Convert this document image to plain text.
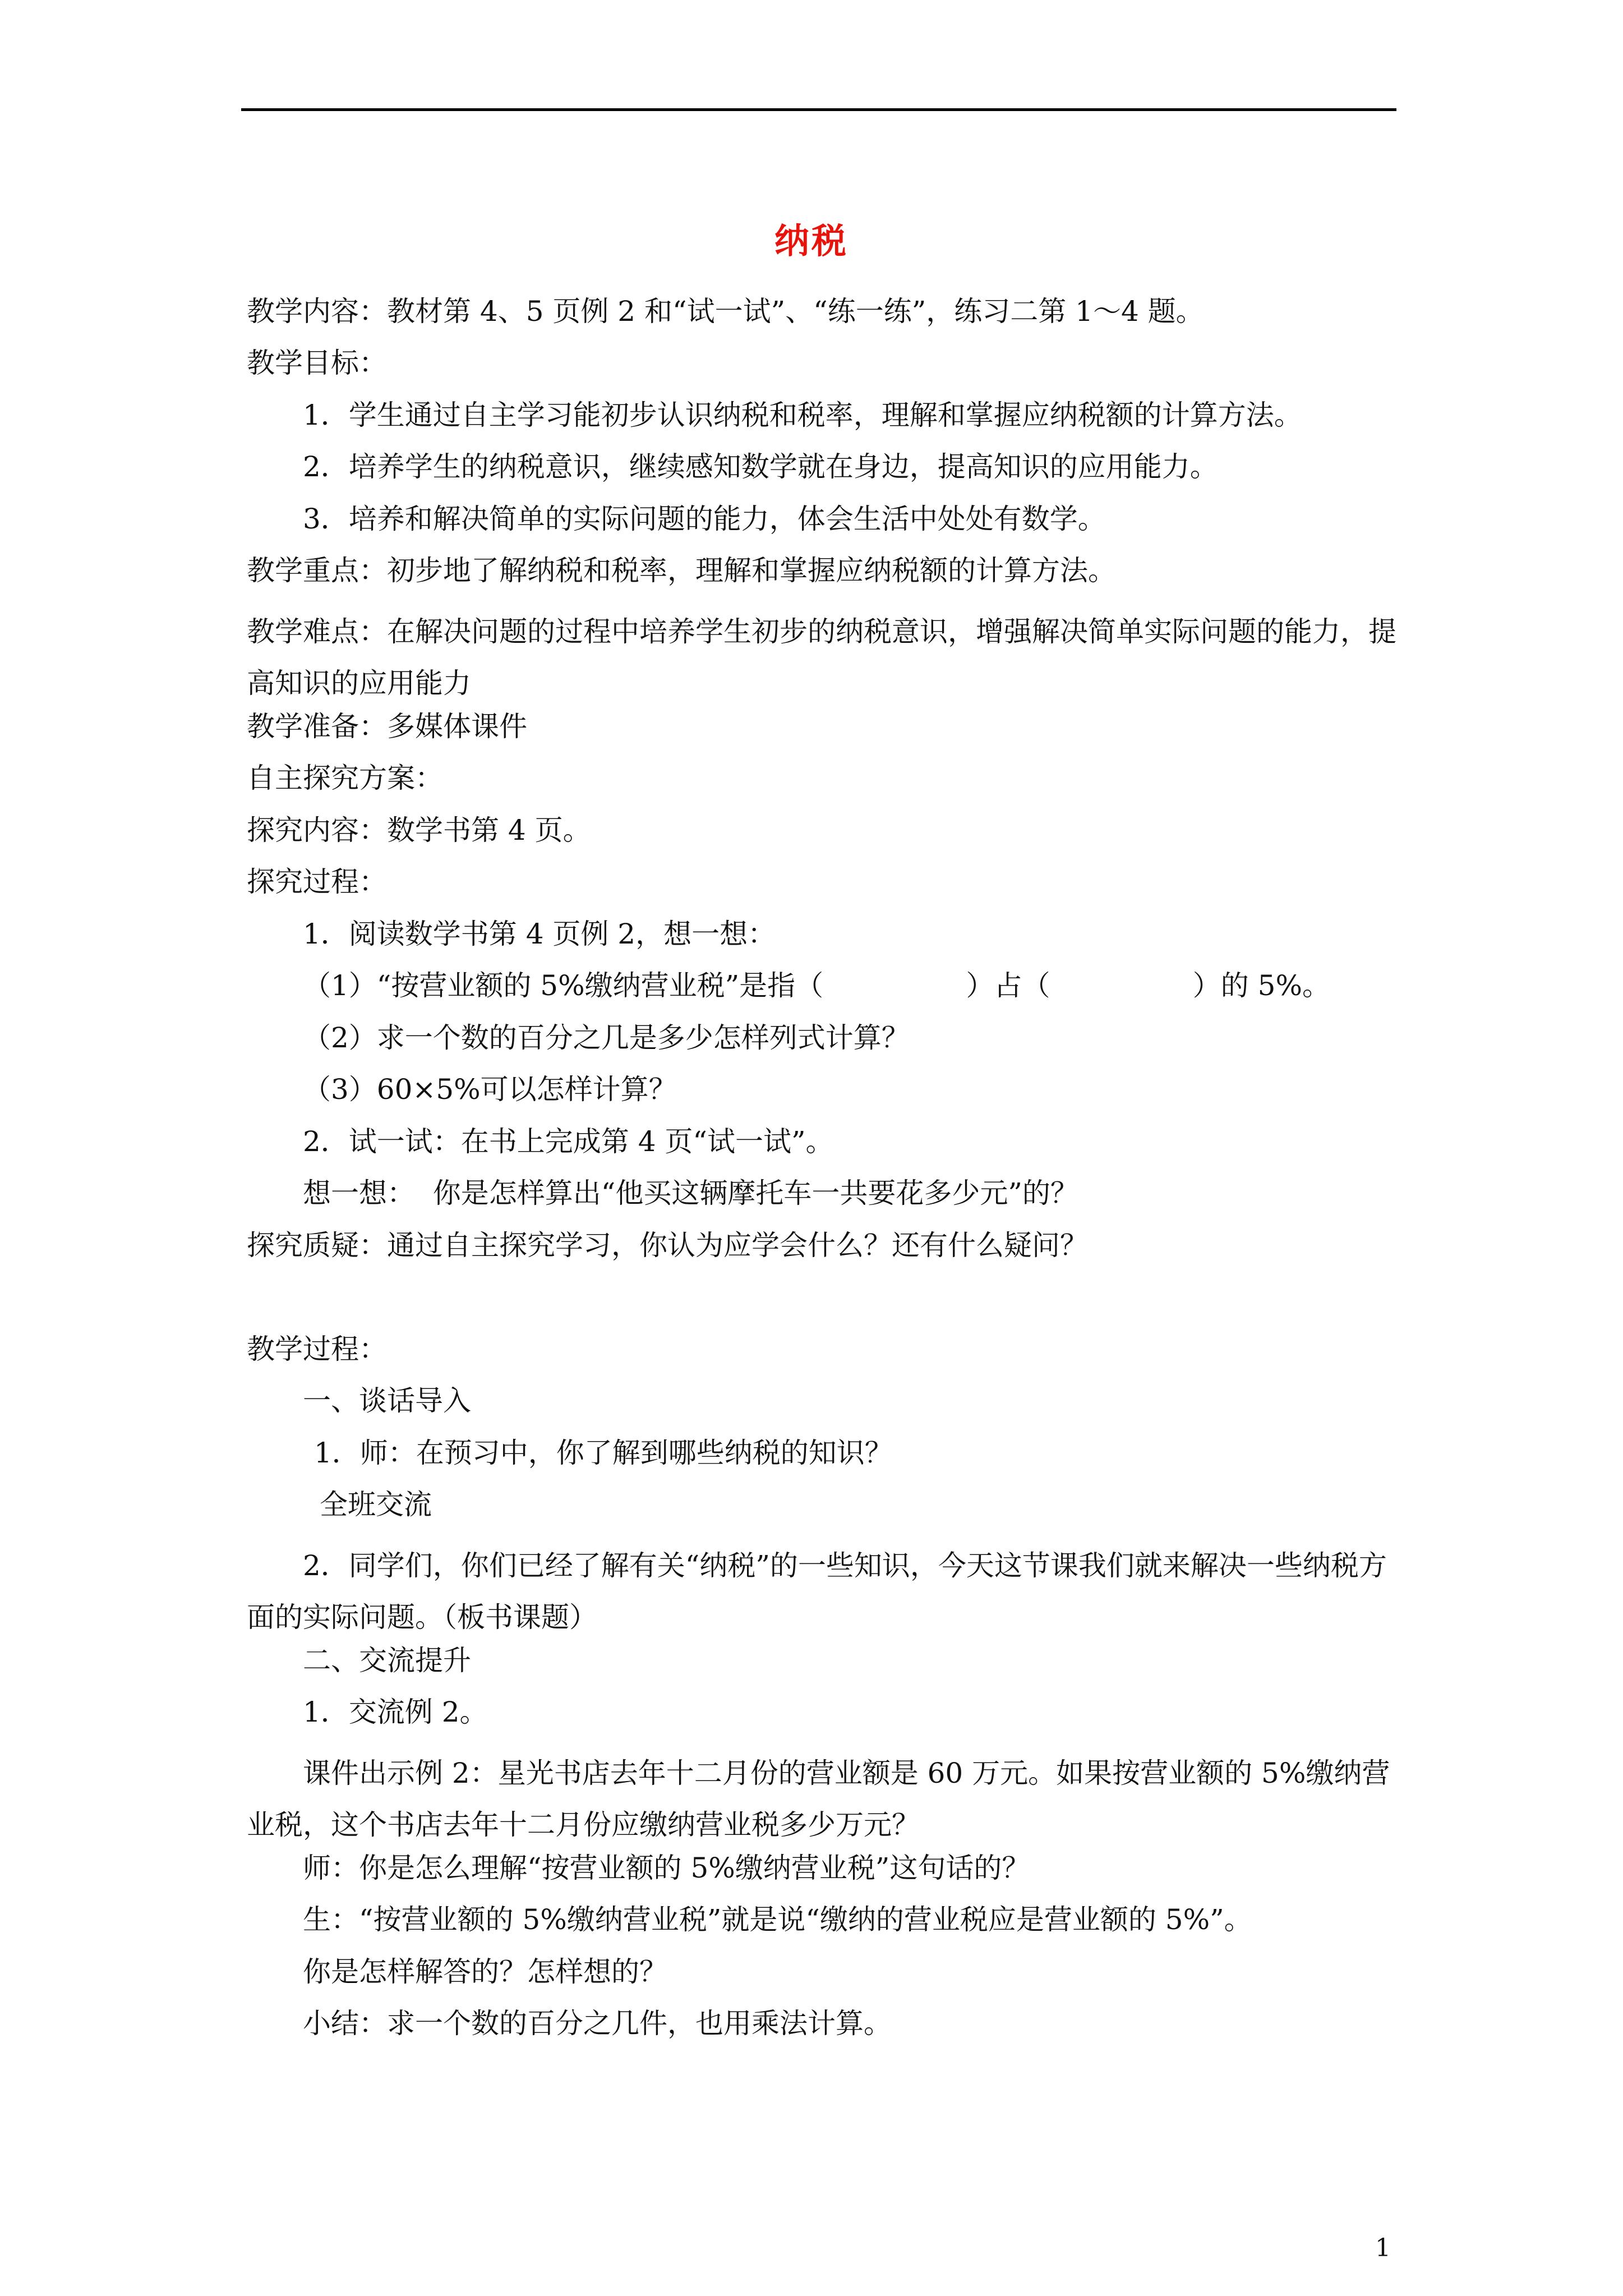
纳税
教学内容：教材第 4、5 页例 2 和“试一试”、“练一练”，练习二第 1～4 题。
教学目标：
1．学生通过自主学习能初步认识纳税和税率，理解和掌握应纳税额的计算方法。
2．培养学生的纳税意识，继续感知数学就在身边，提高知识的应用能力。
3．培养和解决简单的实际问题的能力，体会生活中处处有数学。
教学重点：初步地了解纳税和税率，理解和掌握应纳税额的计算方法。
教学难点：在解决问题的过程中培养学生初步的纳税意识，增强解决简单实际问题的能力，提高知识的应用能力
教学准备：多媒体课件
自主探究方案：
探究内容：数学书第 4 页。
探究过程：
1．阅读数学书第 4 页例 2，想一想：
（1）“按营业额的 5%缴纳营业税”是指（                ）占（                ）的 5%。
（2）求一个数的百分之几是多少怎样列式计算？
（3）60×5%可以怎样计算？
2．试一试：在书上完成第 4 页“试一试”。
想一想：  你是怎样算出“他买这辆摩托车一共要花多少元”的？
探究质疑：通过自主探究学习，你认为应学会什么？还有什么疑问？
教学过程：
一、谈话导入
1．师：在预习中，你了解到哪些纳税的知识？
全班交流
2．同学们，你们已经了解有关“纳税”的一些知识，今天这节课我们就来解决一些纳税方面的实际问题。（板书课题）
二、交流提升
1．交流例 2。
课件出示例 2：星光书店去年十二月份的营业额是 60 万元。如果按营业额的 5%缴纳营业税，这个书店去年十二月份应缴纳营业税多少万元？
师：你是怎么理解“按营业额的 5%缴纳营业税”这句话的？
生：“按营业额的 5%缴纳营业税”就是说“缴纳的营业税应是营业额的 5%”。
你是怎样解答的？怎样想的？
小结：求一个数的百分之几件，也用乘法计算。
1
